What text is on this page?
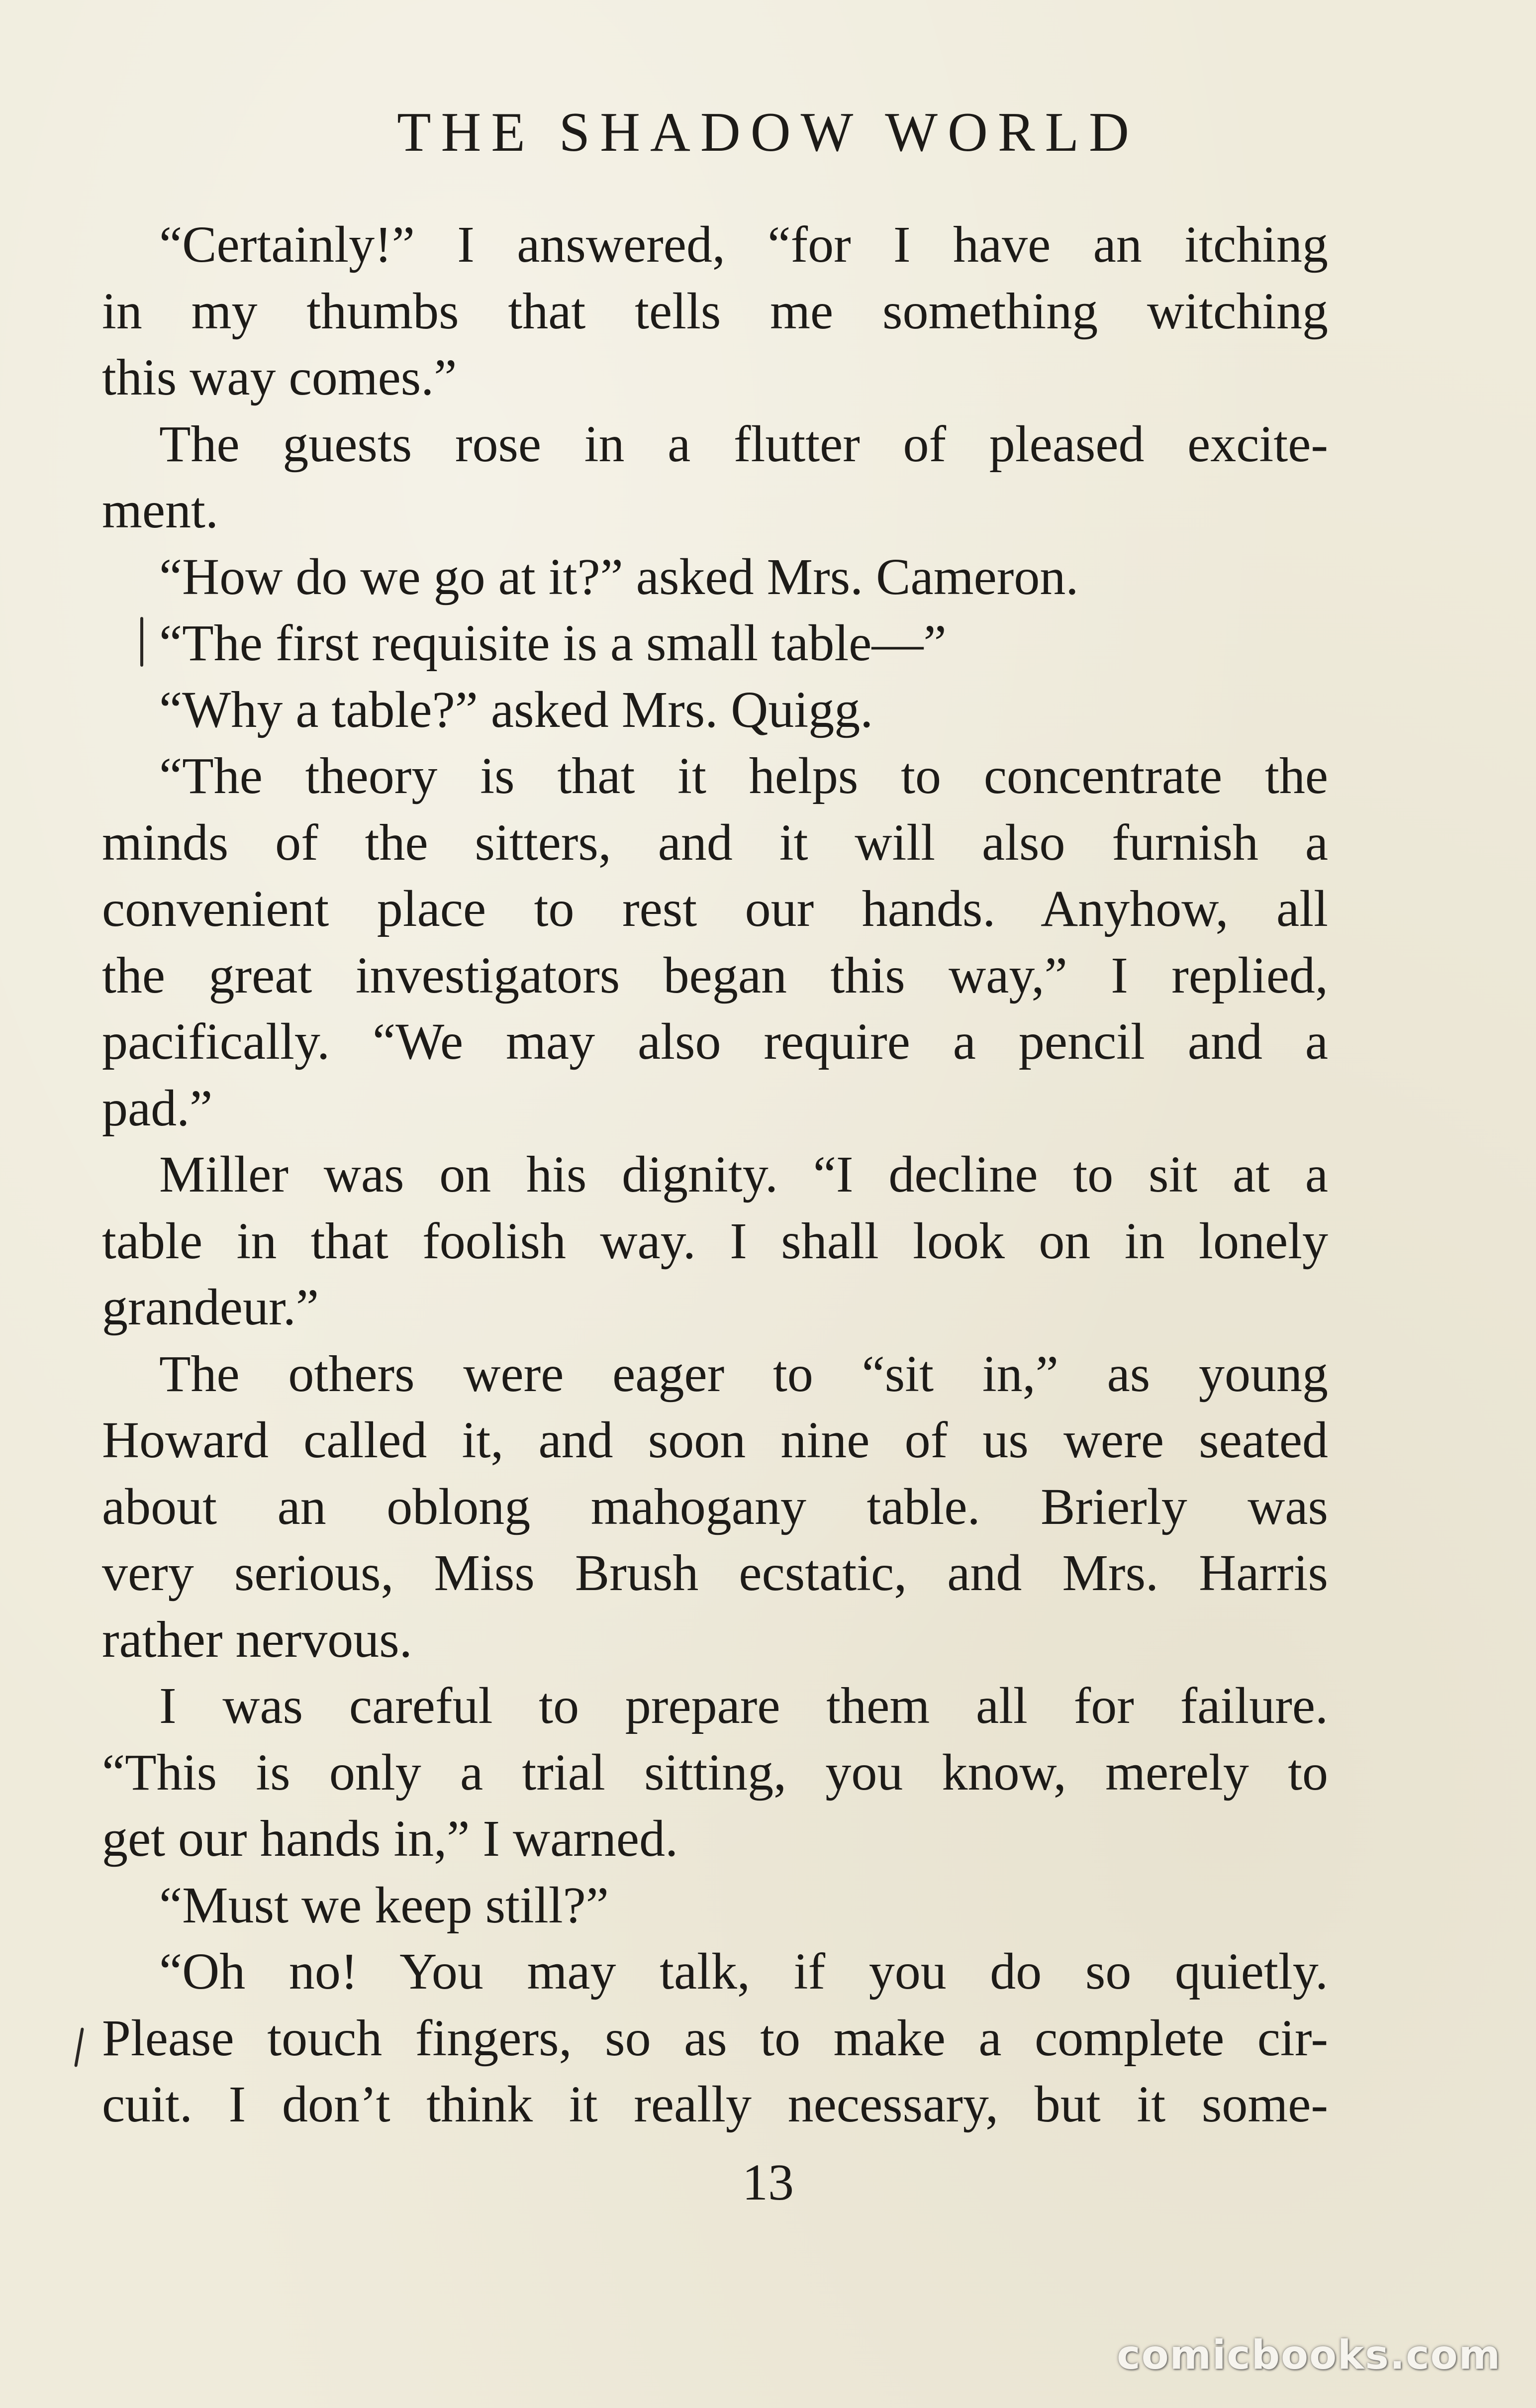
THE SHADOW WORLD
“Certainly!” I answered, “for I have an itching
in my thumbs that tells me something witching
this way comes.”
The guests rose in a flutter of pleased excite-
ment.
“How do we go at it?” asked Mrs. Cameron.
“The first requisite is a small table—”
“Why a table?” asked Mrs. Quigg.
“The theory is that it helps to concentrate the
minds of the sitters, and it will also furnish a
convenient place to rest our hands. Anyhow, all
the great investigators began this way,” I replied,
pacifically. “We may also require a pencil and a
pad.”
Miller was on his dignity. “I decline to sit at a
table in that foolish way. I shall look on in lonely
grandeur.”
The others were eager to “sit in,” as young
Howard called it, and soon nine of us were seated
about an oblong mahogany table. Brierly was
very serious, Miss Brush ecstatic, and Mrs. Harris
rather nervous.
I was careful to prepare them all for failure.
“This is only a trial sitting, you know, merely to
get our hands in,” I warned.
“Must we keep still?”
“Oh no! You may talk, if you do so quietly.
Please touch fingers, so as to make a complete cir-
cuit. I don’t think it really necessary, but it some-
13
comicbooks.com
